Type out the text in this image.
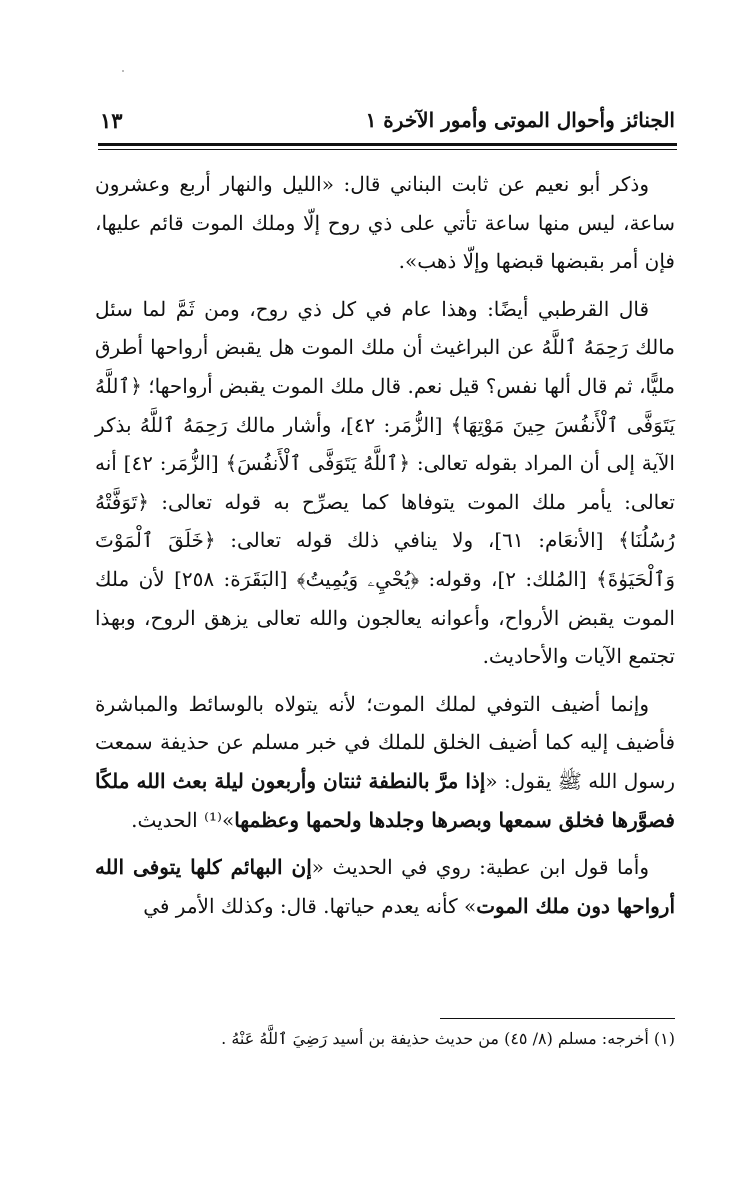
الجنائز وأحوال الموتى وأمور الآخرة ١
١٣

وذكر أبو نعيم عن ثابت البناني قال: «الليل والنهار أربع وعشرون ساعة، ليس منها ساعة تأتي على ذي روح إلّا وملك الموت قائم عليها، فإن أمر بقبضها قبضها وإلّا ذهب».

قال القرطبي أيضًا: وهذا عام في كل ذي روح، ومن ثَمَّ لما سئل مالك رَحِمَهُ ٱللَّهُ عن البراغيث أن ملك الموت هل يقبض أرواحها أطرق مليًّا، ثم قال ألها نفس؟ قيل نعم. قال ملك الموت يقبض أرواحها؛ ﴿ٱللَّهُ يَتَوَفَّى ٱلْأَنفُسَ حِينَ مَوْتِهَا﴾ [الزُّمَر: ٤٢]، وأشار مالك رَحِمَهُ ٱللَّهُ بذكر الآية إلى أن المراد بقوله تعالى: ﴿ٱللَّهُ يَتَوَفَّى ٱلْأَنفُسَ﴾ [الزُّمَر: ٤٢] أنه تعالى: يأمر ملك الموت يتوفاها كما يصرِّح به قوله تعالى: ﴿تَوَفَّتْهُ رُسُلُنَا﴾ [الأنعَام: ٦١]، ولا ينافي ذلك قوله تعالى: ﴿خَلَقَ ٱلْمَوْتَ وَٱلْحَيَوٰةَ﴾ [المُلك: ٢]، وقوله: ﴿يُحْيِۦ وَيُمِيتُ﴾ [البَقَرَة: ٢٥٨] لأن ملك الموت يقبض الأرواح، وأعوانه يعالجون والله تعالى يزهق الروح، وبهذا تجتمع الآيات والأحاديث.

وإنما أضيف التوفي لملك الموت؛ لأنه يتولاه بالوسائط والمباشرة فأضيف إليه كما أضيف الخلق للملك في خبر مسلم عن حذيفة سمعت رسول الله ﷺ يقول: «إذا مرَّ بالنطفة ثنتان وأربعون ليلة بعث الله ملكًا فصوَّرها فخلق سمعها وبصرها وجلدها ولحمها وعظمها»⁽¹⁾ الحديث.

وأما قول ابن عطية: روي في الحديث «إن البهائم كلها يتوفى الله أرواحها دون ملك الموت» كأنه يعدم حياتها. قال: وكذلك الأمر في

(١) أخرجه: مسلم (٨/ ٤٥) من حديث حذيفة بن أسيد رَضِيَ ٱللَّهُ عَنْهُ .
